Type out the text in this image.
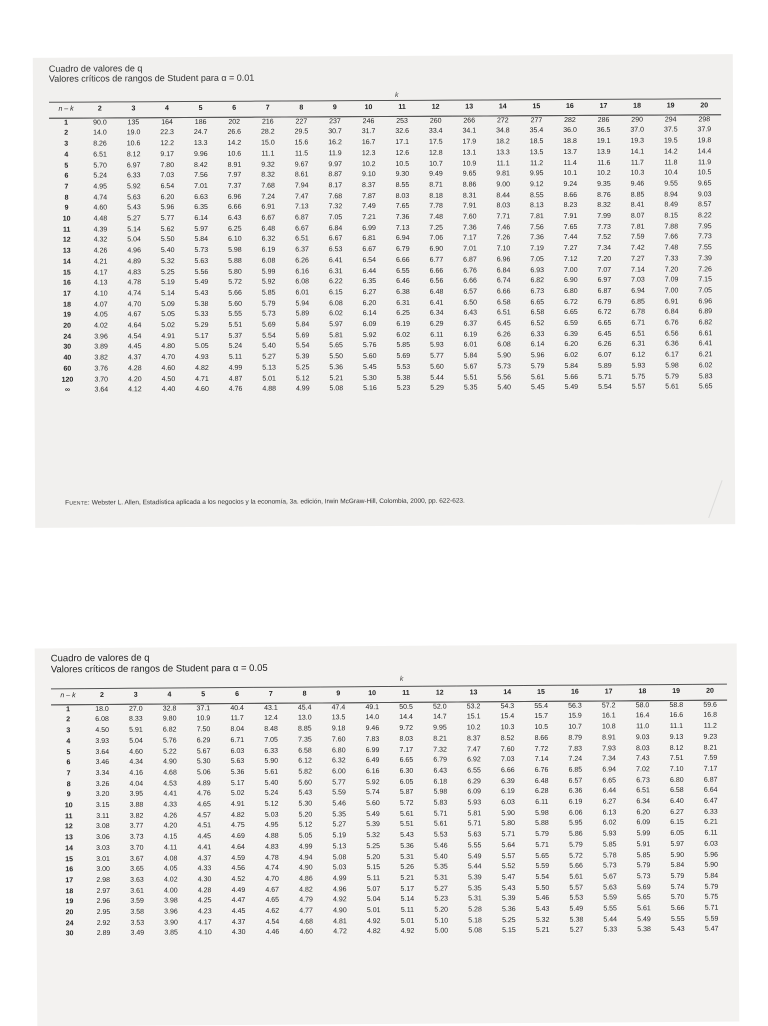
Cuadro de valores de q
Valores críticos de rangos de Student para α = 0.01
k
n – k	2	3	4	5	6	7	8	9	10	11	12	13	14	15	16	17	18	19	20
1	90.0	135	164	186	202	216	227	237	246	253	260	266	272	277	282	286	290	294	298
2	14.0	19.0	22.3	24.7	26.6	28.2	29.5	30.7	31.7	32.6	33.4	34.1	34.8	35.4	36.0	36.5	37.0	37.5	37.9
3	8.26	10.6	12.2	13.3	14.2	15.0	15.6	16.2	16.7	17.1	17.5	17.9	18.2	18.5	18.8	19.1	19.3	19.5	19.8
4	6.51	8.12	9.17	9.96	10.6	11.1	11.5	11.9	12.3	12.6	12.8	13.1	13.3	13.5	13.7	13.9	14.1	14.2	14.4
5	5.70	6.97	7.80	8.42	8.91	9.32	9.67	9.97	10.2	10.5	10.7	10.9	11.1	11.2	11.4	11.6	11.7	11.8	11.9
6	5.24	6.33	7.03	7.56	7.97	8.32	8.61	8.87	9.10	9.30	9.49	9.65	9.81	9.95	10.1	10.2	10.3	10.4	10.5
7	4.95	5.92	6.54	7.01	7.37	7.68	7.94	8.17	8.37	8.55	8.71	8.86	9.00	9.12	9.24	9.35	9.46	9.55	9.65
8	4.74	5.63	6.20	6.63	6.96	7.24	7.47	7.68	7.87	8.03	8.18	8.31	8.44	8.55	8.66	8.76	8.85	8.94	9.03
9	4.60	5.43	5.96	6.35	6.66	6.91	7.13	7.32	7.49	7.65	7.78	7.91	8.03	8.13	8.23	8.32	8.41	8.49	8.57
10	4.48	5.27	5.77	6.14	6.43	6.67	6.87	7.05	7.21	7.36	7.48	7.60	7.71	7.81	7.91	7.99	8.07	8.15	8.22
11	4.39	5.14	5.62	5.97	6.25	6.48	6.67	6.84	6.99	7.13	7.25	7.36	7.46	7.56	7.65	7.73	7.81	7.88	7.95
12	4.32	5.04	5.50	5.84	6.10	6.32	6.51	6.67	6.81	6.94	7.06	7.17	7.26	7.36	7.44	7.52	7.59	7.66	7.73
13	4.26	4.96	5.40	5.73	5.98	6.19	6.37	6.53	6.67	6.79	6.90	7.01	7.10	7.19	7.27	7.34	7.42	7.48	7.55
14	4.21	4.89	5.32	5.63	5.88	6.08	6.26	6.41	6.54	6.66	6.77	6.87	6.96	7.05	7.12	7.20	7.27	7.33	7.39
15	4.17	4.83	5.25	5.56	5.80	5.99	6.16	6.31	6.44	6.55	6.66	6.76	6.84	6.93	7.00	7.07	7.14	7.20	7.26
16	4.13	4.78	5.19	5.49	5.72	5.92	6.08	6.22	6.35	6.46	6.56	6.66	6.74	6.82	6.90	6.97	7.03	7.09	7.15
17	4.10	4.74	5.14	5.43	5.66	5.85	6.01	6.15	6.27	6.38	6.48	6.57	6.66	6.73	6.80	6.87	6.94	7.00	7.05
18	4.07	4.70	5.09	5.38	5.60	5.79	5.94	6.08	6.20	6.31	6.41	6.50	6.58	6.65	6.72	6.79	6.85	6.91	6.96
19	4.05	4.67	5.05	5.33	5.55	5.73	5.89	6.02	6.14	6.25	6.34	6.43	6.51	6.58	6.65	6.72	6.78	6.84	6.89
20	4.02	4.64	5.02	5.29	5.51	5.69	5.84	5.97	6.09	6.19	6.29	6.37	6.45	6.52	6.59	6.65	6.71	6.76	6.82
24	3.96	4.54	4.91	5.17	5.37	5.54	5.69	5.81	5.92	6.02	6.11	6.19	6.26	6.33	6.39	6.45	6.51	6.56	6.61
30	3.89	4.45	4.80	5.05	5.24	5.40	5.54	5.65	5.76	5.85	5.93	6.01	6.08	6.14	6.20	6.26	6.31	6.36	6.41
40	3.82	4.37	4.70	4.93	5.11	5.27	5.39	5.50	5.60	5.69	5.77	5.84	5.90	5.96	6.02	6.07	6.12	6.17	6.21
60	3.76	4.28	4.60	4.82	4.99	5.13	5.25	5.36	5.45	5.53	5.60	5.67	5.73	5.79	5.84	5.89	5.93	5.98	6.02
120	3.70	4.20	4.50	4.71	4.87	5.01	5.12	5.21	5.30	5.38	5.44	5.51	5.56	5.61	5.66	5.71	5.75	5.79	5.83
∞	3.64	4.12	4.40	4.60	4.76	4.88	4.99	5.08	5.16	5.23	5.29	5.35	5.40	5.45	5.49	5.54	5.57	5.61	5.65
Fuente: Webster L. Allen, Estadística aplicada a los negocios y la economía, 3a. edición, Irwin McGraw-Hill, Colombia, 2000, pp. 622-623.
Cuadro de valores de q
Valores críticos de rangos de Student para α = 0.05
k
n – k	2	3	4	5	6	7	8	9	10	11	12	13	14	15	16	17	18	19	20
1	18.0	27.0	32.8	37.1	40.4	43.1	45.4	47.4	49.1	50.5	52.0	53.2	54.3	55.4	56.3	57.2	58.0	58.8	59.6
2	6.08	8.33	9.80	10.9	11.7	12.4	13.0	13.5	14.0	14.4	14.7	15.1	15.4	15.7	15.9	16.1	16.4	16.6	16.8
3	4.50	5.91	6.82	7.50	8.04	8.48	8.85	9.18	9.46	9.72	9.95	10.2	10.3	10.5	10.7	10.8	11.0	11.1	11.2
4	3.93	5.04	5.76	6.29	6.71	7.05	7.35	7.60	7.83	8.03	8.21	8.37	8.52	8.66	8.79	8.91	9.03	9.13	9.23
5	3.64	4.60	5.22	5.67	6.03	6.33	6.58	6.80	6.99	7.17	7.32	7.47	7.60	7.72	7.83	7.93	8.03	8.12	8.21
6	3.46	4.34	4.90	5.30	5.63	5.90	6.12	6.32	6.49	6.65	6.79	6.92	7.03	7.14	7.24	7.34	7.43	7.51	7.59
7	3.34	4.16	4.68	5.06	5.36	5.61	5.82	6.00	6.16	6.30	6.43	6.55	6.66	6.76	6.85	6.94	7.02	7.10	7.17
8	3.26	4.04	4.53	4.89	5.17	5.40	5.60	5.77	5.92	6.05	6.18	6.29	6.39	6.48	6.57	6.65	6.73	6.80	6.87
9	3.20	3.95	4.41	4.76	5.02	5.24	5.43	5.59	5.74	5.87	5.98	6.09	6.19	6.28	6.36	6.44	6.51	6.58	6.64
10	3.15	3.88	4.33	4.65	4.91	5.12	5.30	5.46	5.60	5.72	5.83	5.93	6.03	6.11	6.19	6.27	6.34	6.40	6.47
11	3.11	3.82	4.26	4.57	4.82	5.03	5.20	5.35	5.49	5.61	5.71	5.81	5.90	5.98	6.06	6.13	6.20	6.27	6.33
12	3.08	3.77	4.20	4.51	4.75	4.95	5.12	5.27	5.39	5.51	5.61	5.71	5.80	5.88	5.95	6.02	6.09	6.15	6.21
13	3.06	3.73	4.15	4.45	4.69	4.88	5.05	5.19	5.32	5.43	5.53	5.63	5.71	5.79	5.86	5.93	5.99	6.05	6.11
14	3.03	3.70	4.11	4.41	4.64	4.83	4.99	5.13	5.25	5.36	5.46	5.55	5.64	5.71	5.79	5.85	5.91	5.97	6.03
15	3.01	3.67	4.08	4.37	4.59	4.78	4.94	5.08	5.20	5.31	5.40	5.49	5.57	5.65	5.72	5.78	5.85	5.90	5.96
16	3.00	3.65	4.05	4.33	4.56	4.74	4.90	5.03	5.15	5.26	5.35	5.44	5.52	5.59	5.66	5.73	5.79	5.84	5.90
17	2.98	3.63	4.02	4.30	4.52	4.70	4.86	4.99	5.11	5.21	5.31	5.39	5.47	5.54	5.61	5.67	5.73	5.79	5.84
18	2.97	3.61	4.00	4.28	4.49	4.67	4.82	4.96	5.07	5.17	5.27	5.35	5.43	5.50	5.57	5.63	5.69	5.74	5.79
19	2.96	3.59	3.98	4.25	4.47	4.65	4.79	4.92	5.04	5.14	5.23	5.31	5.39	5.46	5.53	5.59	5.65	5.70	5.75
20	2.95	3.58	3.96	4.23	4.45	4.62	4.77	4.90	5.01	5.11	5.20	5.28	5.36	5.43	5.49	5.55	5.61	5.66	5.71
24	2.92	3.53	3.90	4.17	4.37	4.54	4.68	4.81	4.92	5.01	5.10	5.18	5.25	5.32	5.38	5.44	5.49	5.55	5.59
30	2.89	3.49	3.85	4.10	4.30	4.46	4.60	4.72	4.82	4.92	5.00	5.08	5.15	5.21	5.27	5.33	5.38	5.43	5.47
